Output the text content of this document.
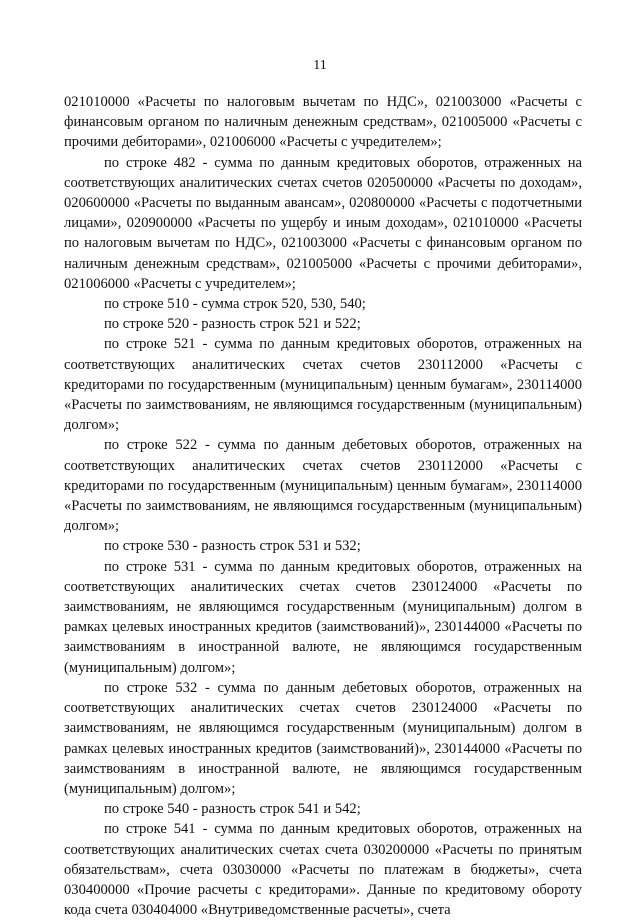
11

021010000 «Расчеты по налоговым вычетам по НДС», 021003000 «Расчеты с финансовым органом по наличным денежным средствам», 021005000 «Расчеты с прочими дебиторами», 021006000 «Расчеты с учредителем»;

по строке 482 - сумма по данным кредитовых оборотов, отраженных на соответствующих аналитических счетах счетов 020500000 «Расчеты по доходам», 020600000 «Расчеты по выданным авансам», 020800000 «Расчеты с подотчетными лицами», 020900000 «Расчеты по ущербу и иным доходам», 021010000 «Расчеты по налоговым вычетам по НДС», 021003000 «Расчеты с финансовым органом по наличным денежным средствам», 021005000 «Расчеты с прочими дебиторами», 021006000 «Расчеты с учредителем»;

по строке 510 - сумма строк 520, 530, 540;

по строке 520 - разность строк 521 и 522;

по строке 521 - сумма по данным кредитовых оборотов, отраженных на соответствующих аналитических счетах счетов 230112000 «Расчеты с кредиторами по государственным (муниципальным) ценным бумагам», 230114000 «Расчеты по заимствованиям, не являющимся государственным (муниципальным) долгом»;

по строке 522 - сумма по данным дебетовых оборотов, отраженных на соответствующих аналитических счетах счетов 230112000 «Расчеты с кредиторами по государственным (муниципальным) ценным бумагам», 230114000 «Расчеты по заимствованиям, не являющимся государственным (муниципальным) долгом»;

по строке 530 - разность строк 531 и 532;

по строке 531 - сумма по данным кредитовых оборотов, отраженных на соответствующих аналитических счетах счетов 230124000 «Расчеты по заимствованиям, не являющимся государственным (муниципальным) долгом в рамках целевых иностранных кредитов (заимствований)», 230144000 «Расчеты по заимствованиям в иностранной валюте, не являющимся государственным (муниципальным) долгом»;

по строке 532 - сумма по данным дебетовых оборотов, отраженных на соответствующих аналитических счетах счетов 230124000 «Расчеты по заимствованиям, не являющимся государственным (муниципальным) долгом в рамках целевых иностранных кредитов (заимствований)», 230144000 «Расчеты по заимствованиям в иностранной валюте, не являющимся государственным (муниципальным) долгом»;

по строке 540 - разность строк 541 и 542;

по строке 541 - сумма по данным кредитовых оборотов, отраженных на соответствующих аналитических счетах счета 030200000 «Расчеты по принятым обязательствам», счета 03030000 «Расчеты по платежам в бюджеты», счета 030400000 «Прочие расчеты с кредиторами». Данные по кредитовому обороту кода счета 030404000 «Внутриведомственные расчеты», счета
